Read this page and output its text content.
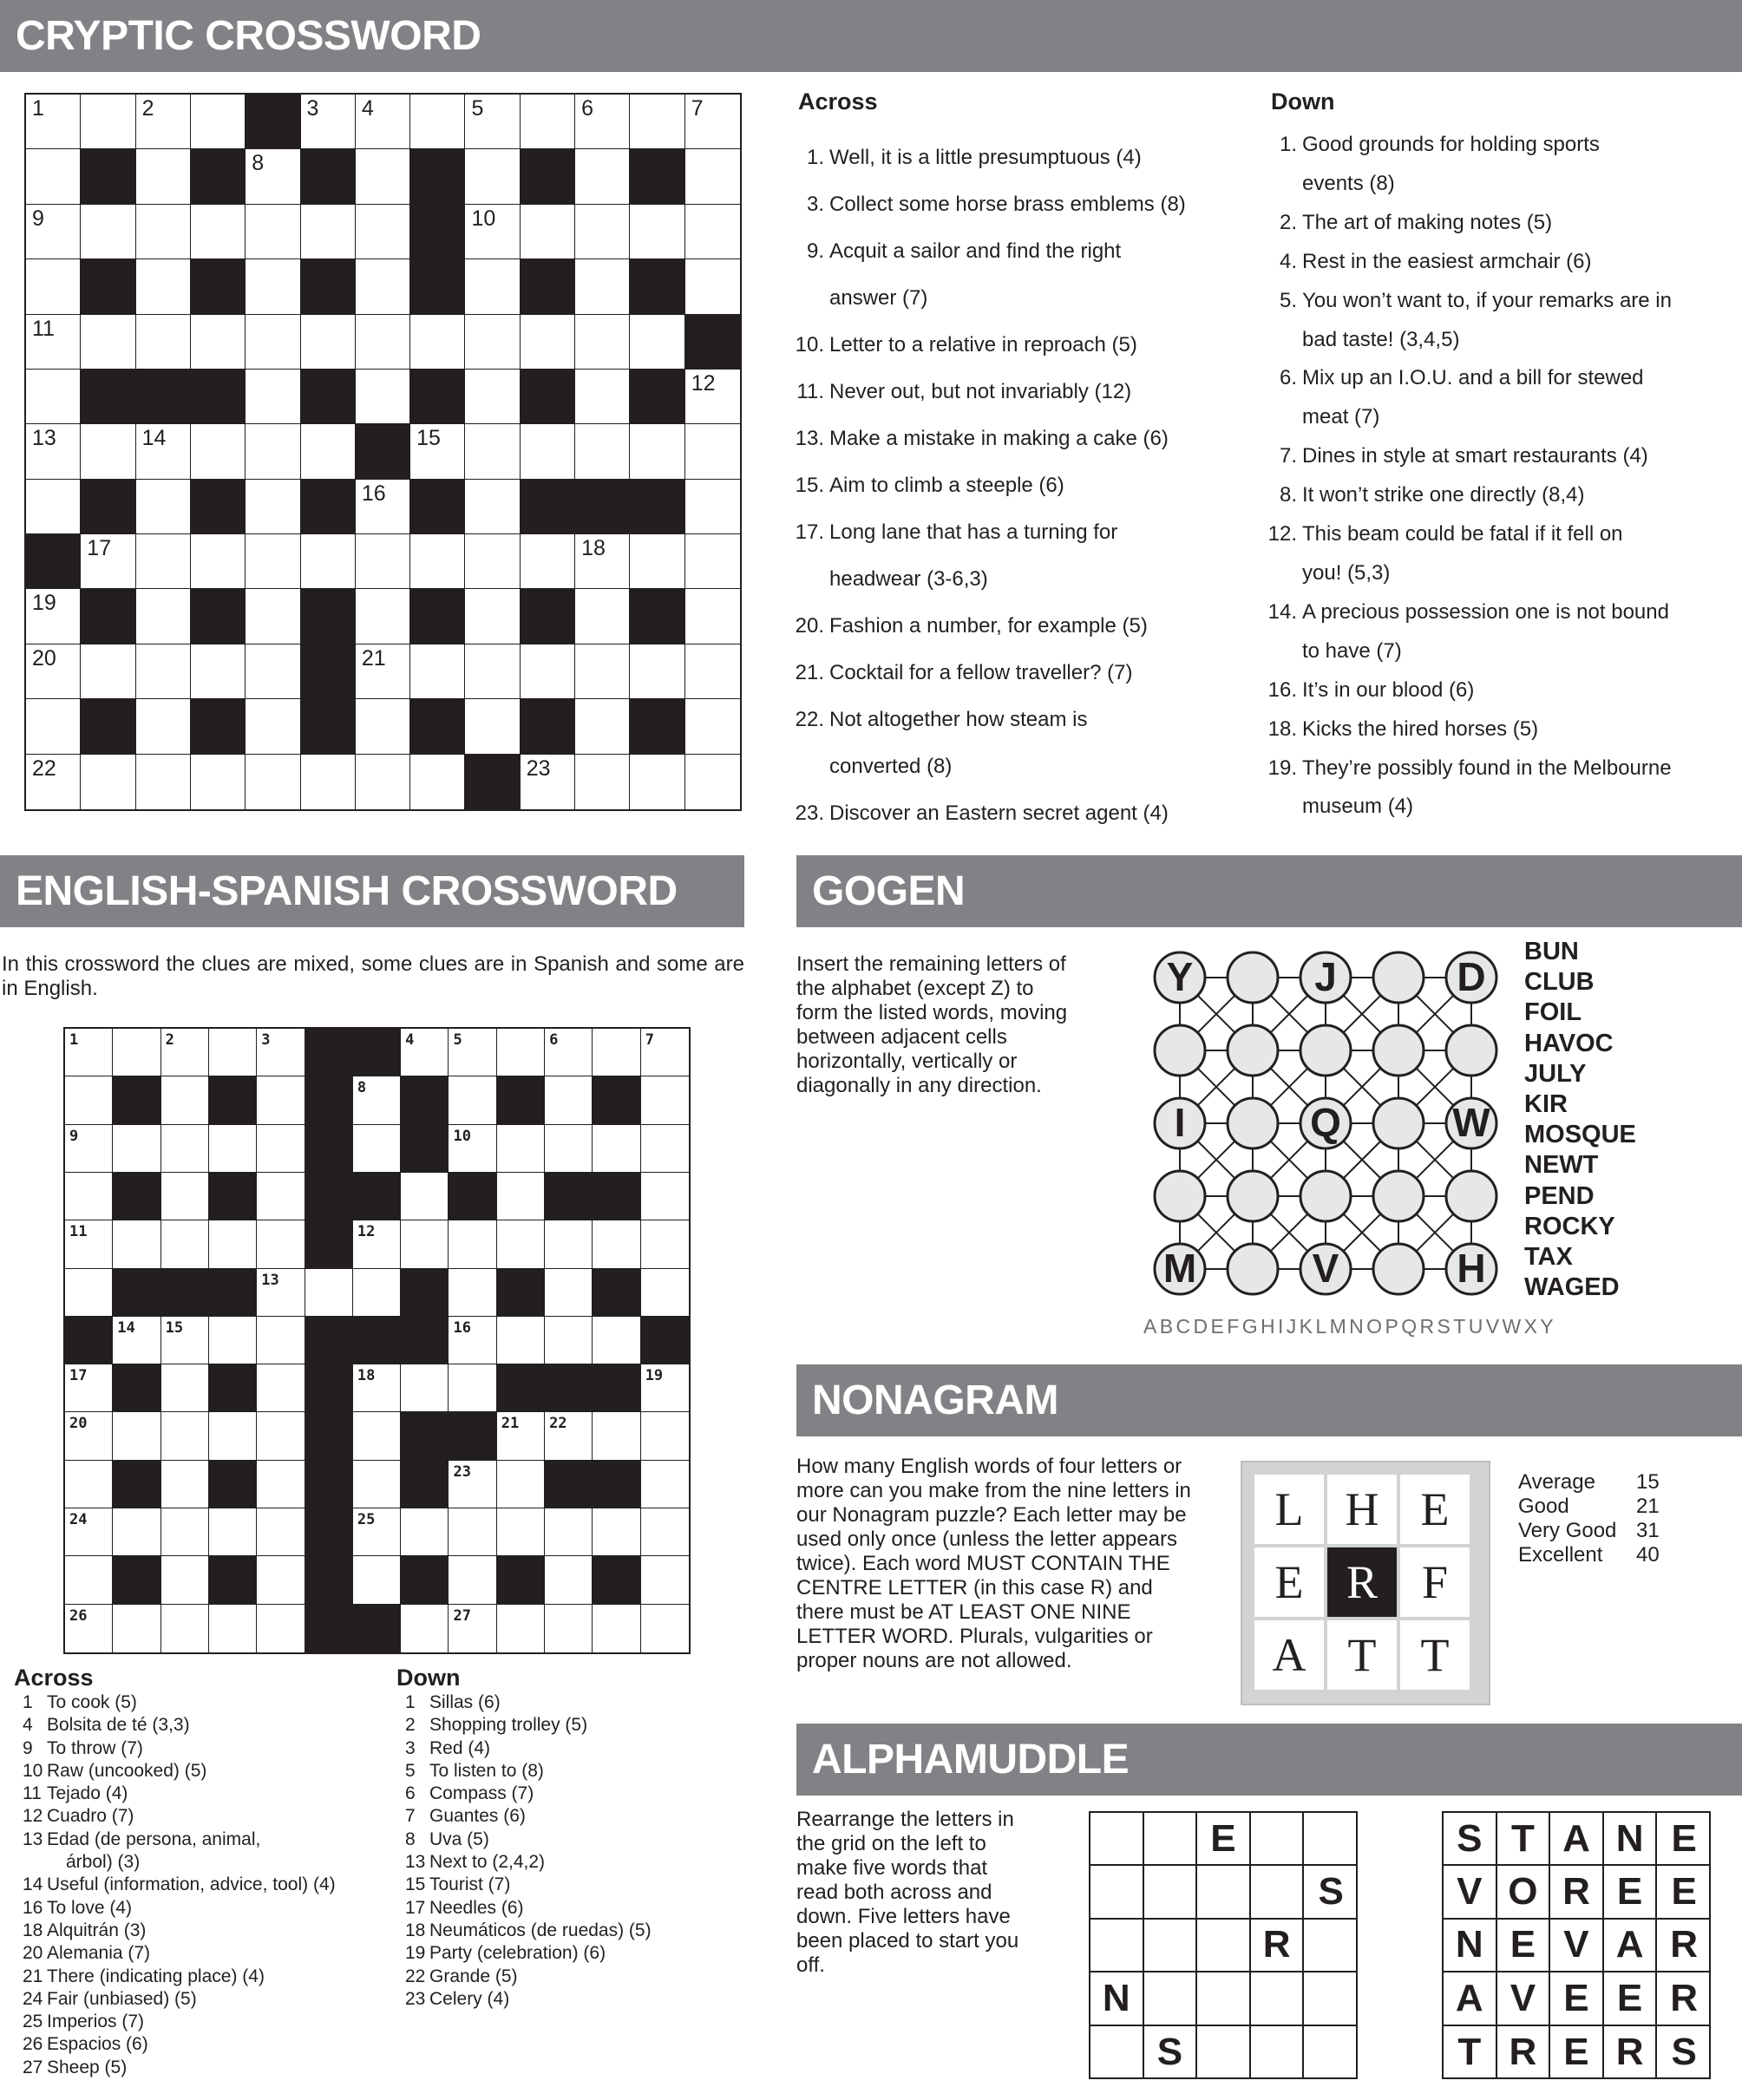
CRYPTIC CROSSWORD
1	2	3 4	5	6	7
8
9	10
11
12
13	14	15
16
17	18
19
20	21
22	23
Across
1. Well, it is a little presumptuous (4)
3. Collect some horse brass emblems (8)
9. Acquit a sailor and find the right
answer (7)
10. Letter to a relative in reproach (5)
11. Never out, but not invariably (12)
13. Make a mistake in making a cake (6)
15. Aim to climb a steeple (6)
17. Long lane that has a turning for
headwear (3-6,3)
20. Fashion a number, for example (5)
21. Cocktail for a fellow traveller? (7)
22. Not altogether how steam is
converted (8)
23. Discover an Eastern secret agent (4)
Down
1. Good grounds for holding sports
events (8)
2. The art of making notes (5)
4. Rest in the easiest armchair (6)
5. You won’t want to, if your remarks are in
bad taste! (3,4,5)
6. Mix up an I.O.U. and a bill for stewed
meat (7)
7. Dines in style at smart restaurants (4)
8. It won’t strike one directly (8,4)
12. This beam could be fatal if it fell on
you! (5,3)
14. A precious possession one is not bound
to have (7)
16. It’s in our blood (6)
18. Kicks the hired horses (5)
19. They’re possibly found in the Melbourne
museum (4)
ENGLISH-SPANISH CROSSWORD
In this crossword the clues are mixed, some clues are in Spanish and some are in English.
1	2	3	4	5	6	7
8
9	10
11	12
13
14 15	16
17	18	19
20	21 22
23
24	25
26	27
Across
1 To cook (5)
4 Bolsita de té (3,3)
9 To throw (7)
10 Raw (uncooked) (5)
11 Tejado (4)
12 Cuadro (7)
13 Edad (de persona, animal,
árbol) (3)
14 Useful (information, advice, tool) (4)
16 To love (4)
18 Alquitrán (3)
20 Alemania (7)
21 There (indicating place) (4)
24 Fair (unbiased) (5)
25 Imperios (7)
26 Espacios (6)
27 Sheep (5)
Down
1 Sillas (6)
2 Shopping trolley (5)
3 Red (4)
5 To listen to (8)
6 Compass (7)
7 Guantes (6)
8 Uva (5)
13 Next to (2,4,2)
15 Tourist (7)
17 Needles (6)
18 Neumáticos (de ruedas) (5)
19 Party (celebration) (6)
22 Grande (5)
23 Celery (4)
GOGEN
Insert the remaining letters of the alphabet (except Z) to form the listed words, moving between adjacent cells horizontally, vertically or diagonally in any direction.
Y	J	D
I	Q	W
M	V	H
BUN
CLUB
FOIL
HAVOC
JULY
KIR
MOSQUE
NEWT
PEND
ROCKY
TAX
WAGED
ABCDEFGHIJKLMNOPQRSTUVWXY
NONAGRAM
How many English words of four letters or more can you make from the nine letters in our Nonagram puzzle? Each letter may be used only once (unless the letter appears twice). Each word MUST CONTAIN THE CENTRE LETTER (in this case R) and there must be AT LEAST ONE NINE LETTER WORD. Plurals, vulgarities or proper nouns are not allowed.
L H E
E R F
A T T
Average	15
Good	21
Very Good 31
Excellent	40
ALPHAMUDDLE
Rearrange the letters in the grid on the left to make five words that read both across and down. Five letters have been placed to start you off.
E
S
R
N
S
S T A N E
V O R E E
N E V A R
A V E E R
T R E R S
